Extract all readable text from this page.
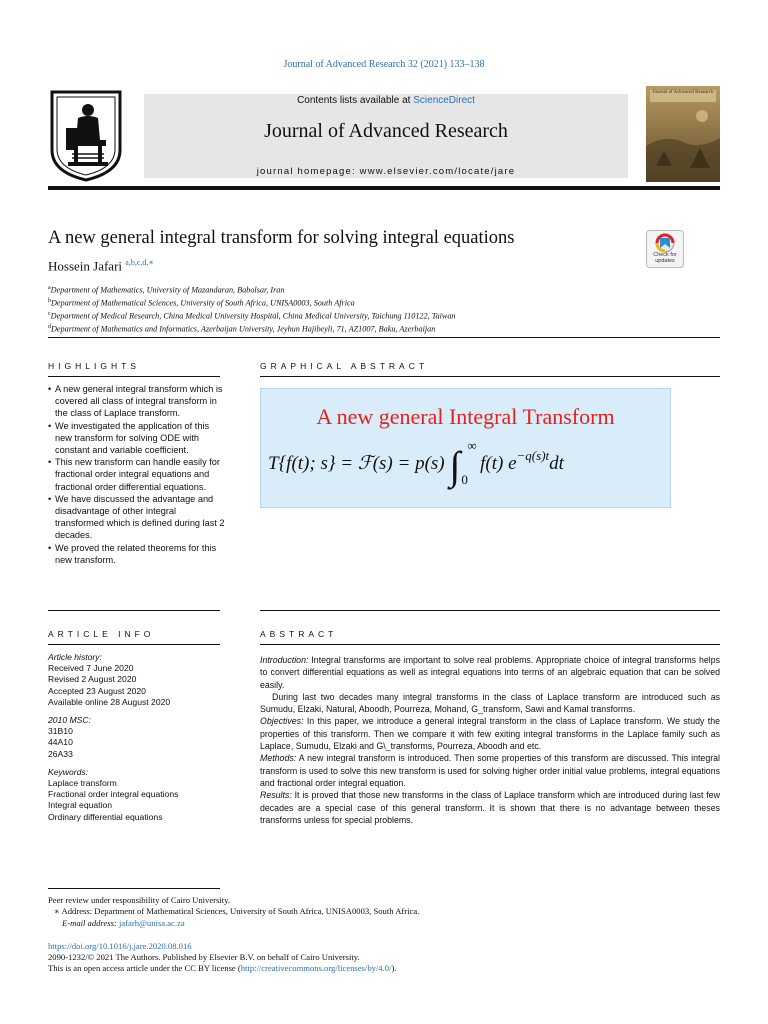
Journal of Advanced Research 32 (2021) 133–138
Contents lists available at ScienceDirect
Journal of Advanced Research
journal homepage: www.elsevier.com/locate/jare
Journal of Advanced Research
A new general integral transform for solving integral equations
Check for
updates
Hossein Jafari $^{a,b,c,d,∗}$
$^a$Department of Mathematics, University of Mazandaran, Babolsar, Iran
$^b$Department of Mathematical Sciences, University of South Africa, UNISA0003, South Africa
$^c$Department of Medical Research, China Medical University Hospital, China Medical University, Taichung 110122, Taiwan
$^d$Department of Mathematics and Informatics, Azerbaijan University, Jeyhun Hajibeyli, 71, AZ1007, Baku, Azerbaijan
HIGHLIGHTS
• A new general integral transform which is covered all class of integral transform in the class of Laplace transform.
• We investigated the application of this new transform for solving ODE with constant and variable coefficient.
• This new transform can handle easily for fractional order integral equations and fractional order differential equations.
• We have discussed the advantage and disadvantage of other integral transformed which is defined during last 2 decades.
• We proved the related theorems for this new transform.
GRAPHICAL ABSTRACT
A new general Integral Transform
T{f(t); s} = ℱ(s) = p(s) ∫ ∞
0
f(t) $e^{-q(s)t}dt$
ARTICLE INFO
Article history:
Received 7 June 2020
Revised 2 August 2020
Accepted 23 August 2020
Available online 28 August 2020
2010 MSC:
31B10
44A10
26A33
Keywords:
Laplace transform
Fractional order integral equations
Integral equation
Ordinary differential equations
ABSTRACT

Introduction: Integral transforms are important to solve real problems. Appropriate choice of integral transforms helps to convert differential equations as well as integral equations into terms of an algebraic equation that can be solved easily.

During last two decades many integral transforms in the class of Laplace transform are introduced such as Sumudu, Elzaki, Natural, Aboodh, Pourreza, Mohand, G_transform, Sawi and Kamal transforms.

Objectives: In this paper, we introduce a general integral transform in the class of Laplace transform. We study the properties of this transform. Then we compare it with few exiting integral transforms in the Laplace family such as Laplace, Sumudu, Elzaki and G\_transforms, Pourreza, Aboodh and etc.

Methods: A new integral transform is introduced. Then some properties of this transform are discussed. This integral transform is used to solve this new transform is used for solving higher order initial value problems, integral equations and fractional order integral equation.

Results: It is proved that those new transforms in the class of Laplace transform which are introduced during last few decades are a special case of this general transform. It is shown that there is no advantage between theses transforms unless for special problems.

Peer review under responsibility of Cairo University.
∗ Address: Department of Mathematical Sciences, University of South Africa, UNISA0003, South Africa.
E-mail address: jafarh@unisa.ac.za
https://doi.org/10.1016/j.jare.2020.08.016
2090-1232/© 2021 The Authors. Published by Elsevier B.V. on behalf of Cairo University.
This is an open access article under the CC BY license (http://creativecommons.org/licenses/by/4.0/).
